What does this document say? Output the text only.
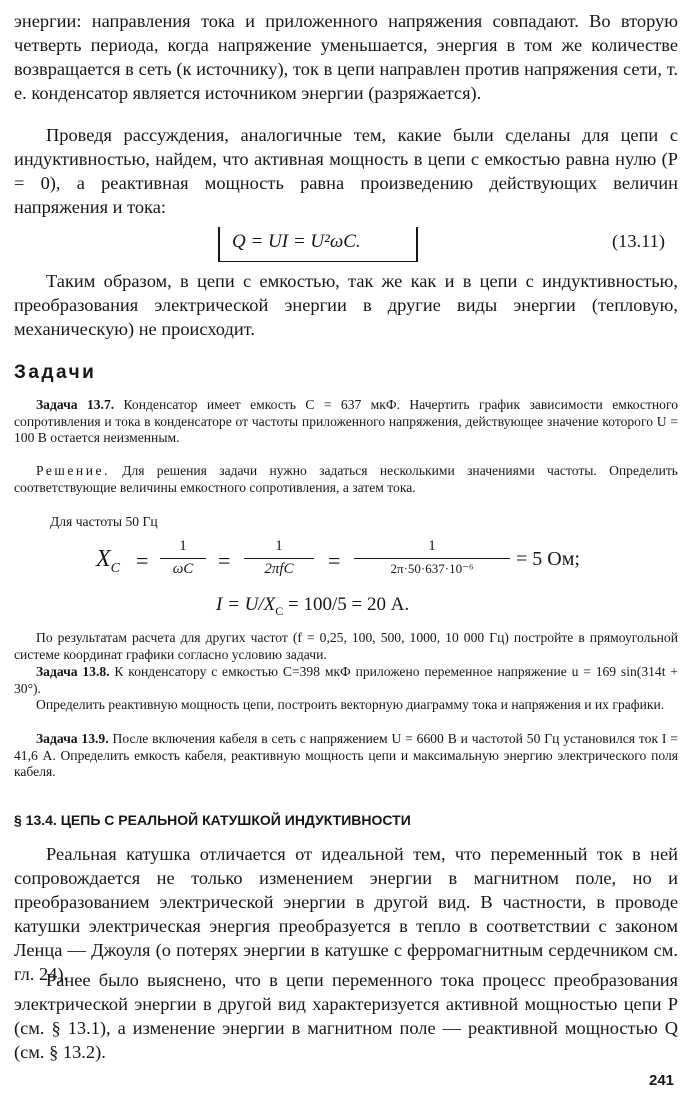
энергии: направления тока и приложенного напряжения совпадают. Во вторую четверть периода, когда напряжение уменьшается, энергия в том же количестве возвращается в сеть (к источнику), ток в цепи направлен против напряжения сети, т. е. конденсатор является источником энергии (разряжается).

Проведя рассуждения, аналогичные тем, какие были сделаны для цепи с индуктивностью, найдем, что активная мощность в цепи с емкостью равна нулю (P = 0), а реактивная мощность равна произведению действующих величин напряжения и тока:

Q = UI = U²ωC.	(13.11)

Таким образом, в цепи с емкостью, так же как и в цепи с индуктивностью, преобразования электрической энергии в другие виды энергии (тепловую, механическую) не происходит.

Задачи

Задача 13.7. Конденсатор имеет емкость C = 637 мкФ. Начертить график зависимости емкостного сопротивления и тока в конденсаторе от частоты приложенного напряжения, действующее значение которого U = 100 В остается неизменным.

Решение. Для решения задачи нужно задаться несколькими значениями частоты. Определить соответствующие величины емкостного сопротивления, а затем тока.

Для частоты 50 Гц

$X_C$ =
1
ωC	=
1
2πfC	=
1
2π·50·637·10⁻⁶	= 5 Ом;
$I = U/X_C = 100/5 = 20$ А.

По результатам расчета для других частот (f = 0,25, 100, 500, 1000, 10 000 Гц) постройте в прямоугольной системе координат графики согласно условию задачи.

Задача 13.8. К конденсатору с емкостью C=398 мкФ приложено переменное напряжение u = 169 sin(314t + 30°).

Определить реактивную мощность цепи, построить векторную диаграмму тока и напряжения и их графики.

Задача 13.9. После включения кабеля в сеть с напряжением U = 6600 В и частотой 50 Гц установился ток I = 41,6 А. Определить емкость кабеля, реактивную мощность цепи и максимальную энергию электрического поля кабеля.

§ 13.4. ЦЕПЬ С РЕАЛЬНОЙ КАТУШКОЙ ИНДУКТИВНОСТИ

Реальная катушка отличается от идеальной тем, что переменный ток в ней сопровождается не только изменением энергии в магнитном поле, но и преобразованием электрической энергии в другой вид. В частности, в проводе катушки электрическая энергия преобразуется в тепло в соответствии с законом Ленца — Джоуля (о потерях энергии в катушке с ферромагнитным сердечником см. гл. 24).

Ранее было выяснено, что в цепи переменного тока процесс преобразования электрической энергии в другой вид характеризуется активной мощностью цепи P (см. § 13.1), а изменение энергии в магнитном поле — реактивной мощностью Q (см. § 13.2).

241
